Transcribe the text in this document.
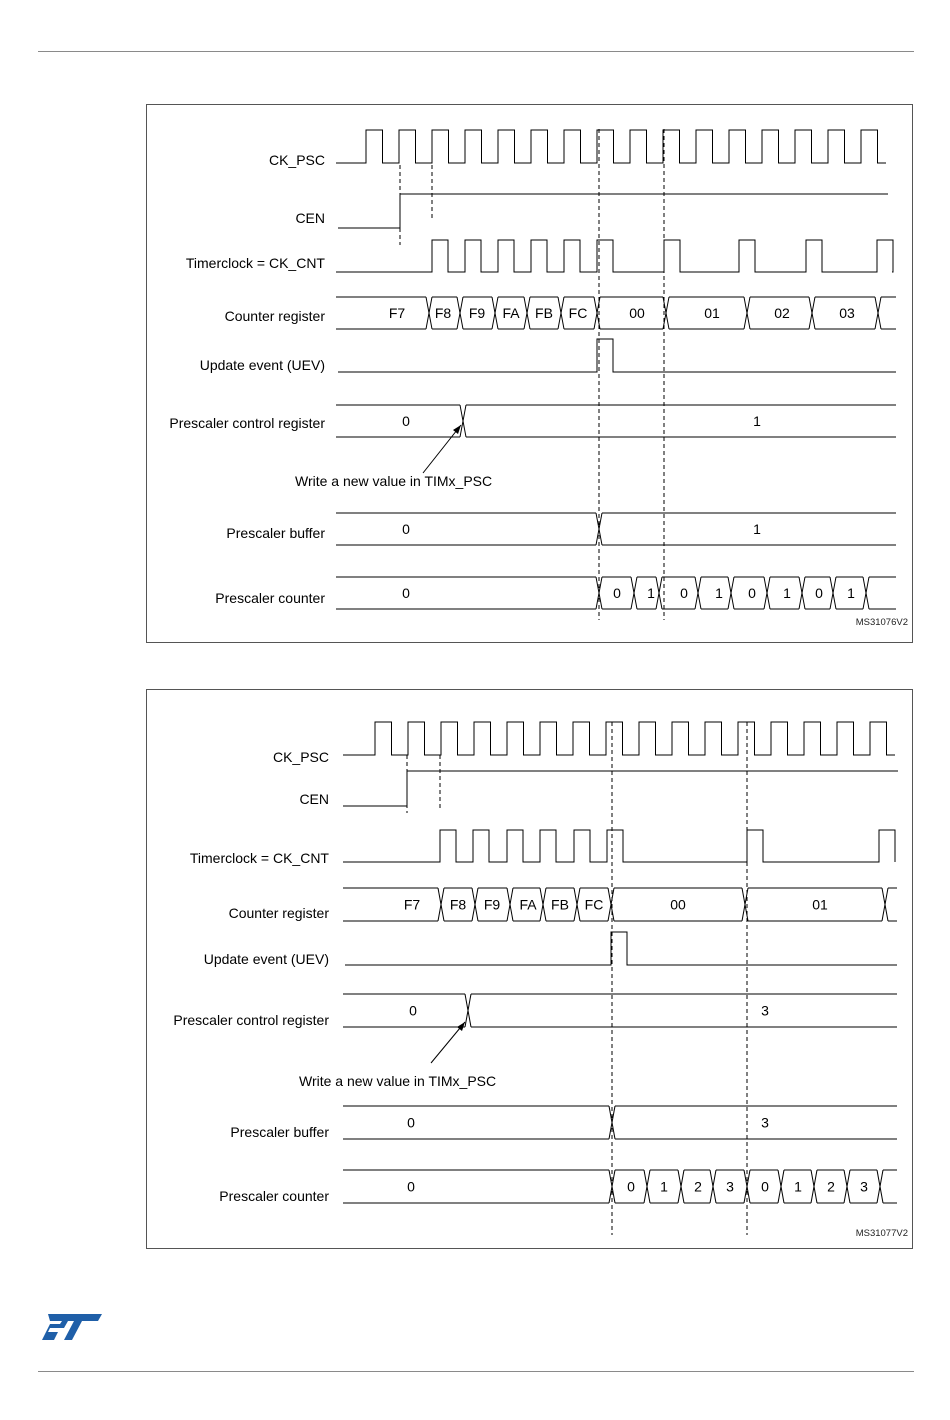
CK_PSC
CEN
Timerclock = CK_CNT
Counter register
Update event (UEV)
Prescaler control register
Prescaler buffer
Prescaler counter
F7 F8 F9 FA FB FC	00	01	02	03
0	1
Write a new value in TIMx_PSC
0	1
0	0 1 0 1 0 1 0 1
MS31076V2
CK_PSC
CEN
Timerclock = CK_CNT
Counter register
Update event (UEV)
Prescaler control register
Prescaler buffer
Prescaler counter
F7 F8 F9 FA FB FC	00	01
0	3
Write a new value in TIMx_PSC
0	3
0	0 1 2 3 0 1 2 3
MS31077V2
